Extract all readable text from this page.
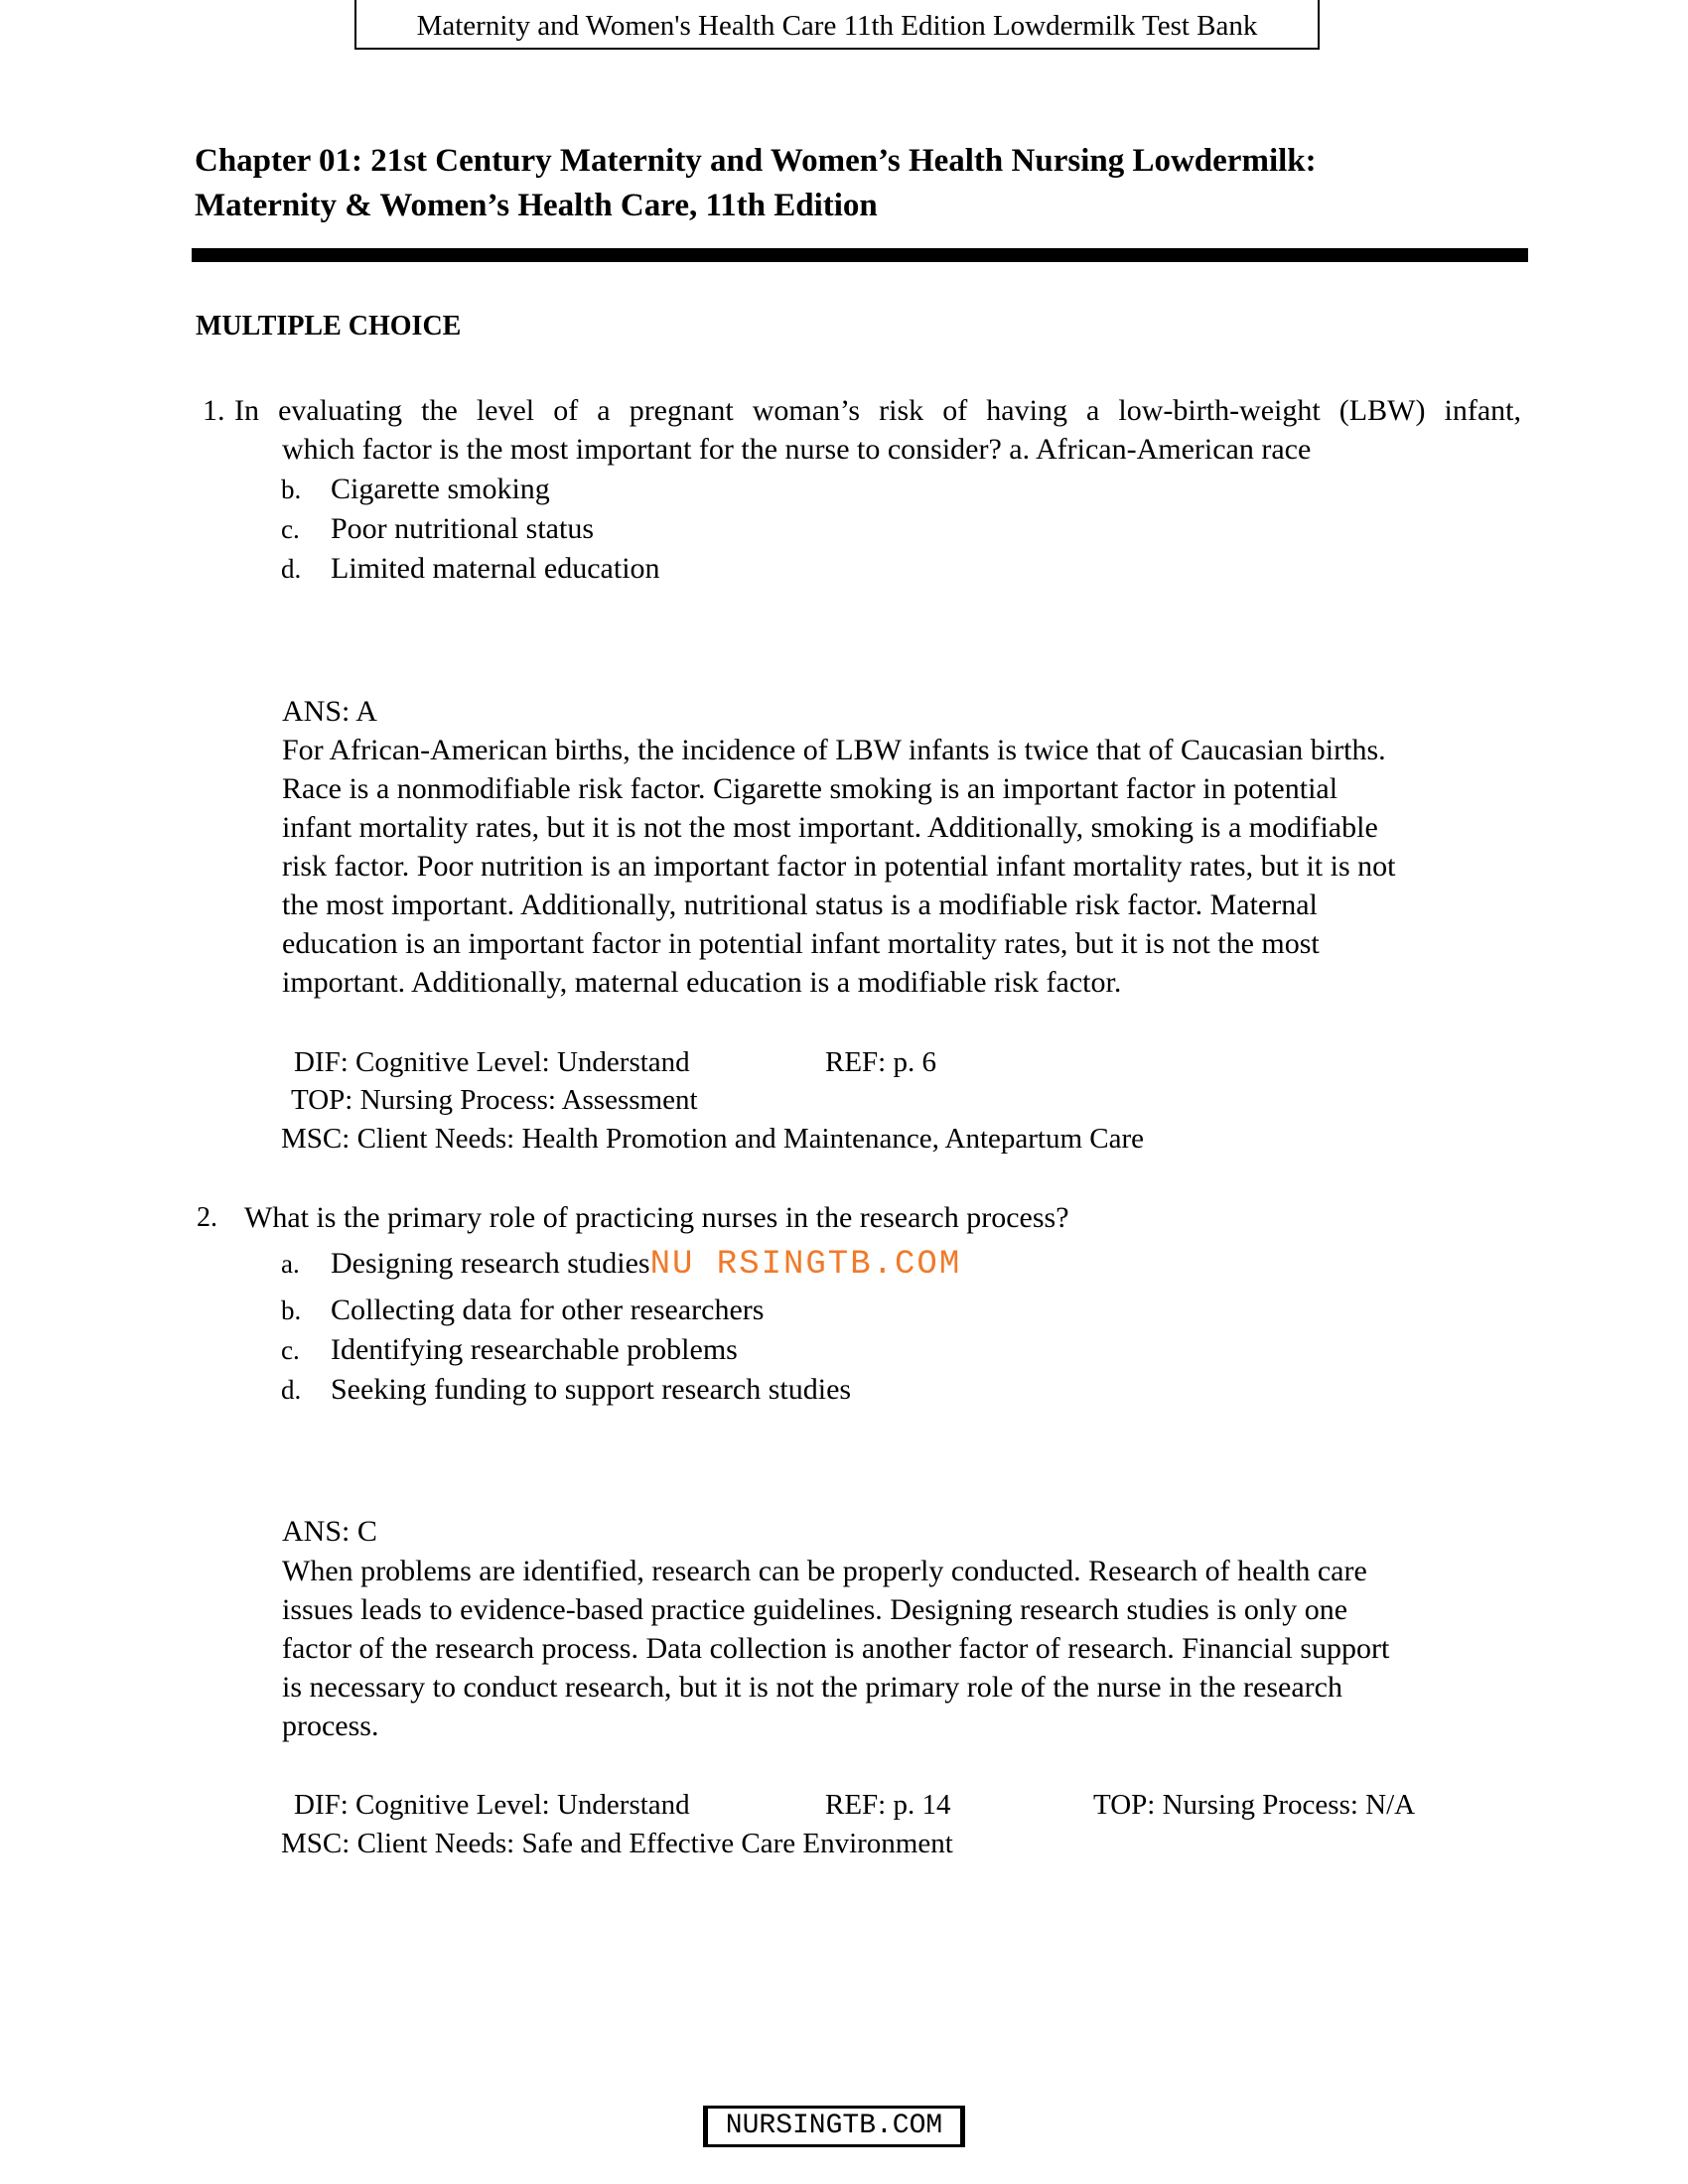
Maternity and Women's Health Care 11th Edition Lowdermilk Test Bank
Chapter 01: 21st Century Maternity and Women’s Health Nursing Lowdermilk:
Maternity & Women’s Health Care, 11th Edition
MULTIPLE CHOICE
1. In evaluating the level of a pregnant woman’s risk of having a low-birth-weight (LBW) infant,
which factor is the most important for the nurse to consider? a. African-American race
b. Cigarette smoking
c. Poor nutritional status
d. Limited maternal education
ANS: A
For African-American births, the incidence of LBW infants is twice that of Caucasian births.
Race is a nonmodifiable risk factor. Cigarette smoking is an important factor in potential
infant mortality rates, but it is not the most important. Additionally, smoking is a modifiable
risk factor. Poor nutrition is an important factor in potential infant mortality rates, but it is not
the most important. Additionally, nutritional status is a modifiable risk factor. Maternal
education is an important factor in potential infant mortality rates, but it is not the most
important. Additionally, maternal education is a modifiable risk factor.
DIF: Cognitive Level: Understand	REF: p. 6
TOP: Nursing Process: Assessment
MSC: Client Needs: Health Promotion and Maintenance, Antepartum Care
2. What is the primary role of practicing nurses in the research process?
a. Designing research studiesNU RSINGTB.COM
b. Collecting data for other researchers
c. Identifying researchable problems
d. Seeking funding to support research studies
ANS: C
When problems are identified, research can be properly conducted. Research of health care
issues leads to evidence-based practice guidelines. Designing research studies is only one
factor of the research process. Data collection is another factor of research. Financial support
is necessary to conduct research, but it is not the primary role of the nurse in the research
process.
DIF: Cognitive Level: Understand	REF: p. 14	TOP: Nursing Process: N/A
MSC: Client Needs: Safe and Effective Care Environment
NURSINGTB.COM
